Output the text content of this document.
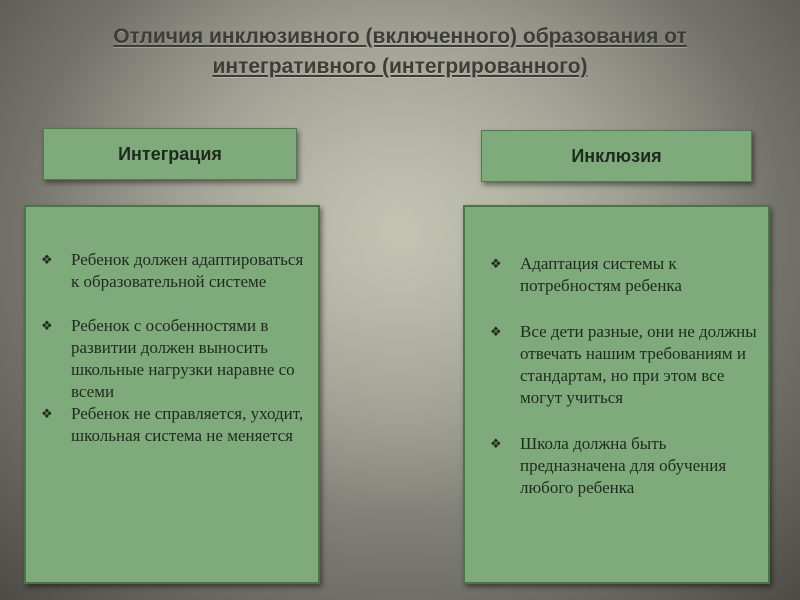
Отличия инклюзивного (включенного) образования от
интегративного (интегрированного)
Интеграция	Инклюзия
❖ Ребенок должен адаптироваться к образовательной системе
❖ Ребенок с особенностями в развитии должен выносить школьные нагрузки наравне со всеми
❖ Ребенок не справляется, уходит, школьная система не меняется
❖ Адаптация системы к потребностям ребенка
❖ Все дети разные, они не должны отвечать нашим требованиям и стандартам, но при этом все могут учиться
❖ Школа должна быть предназначена для обучения любого ребенка
